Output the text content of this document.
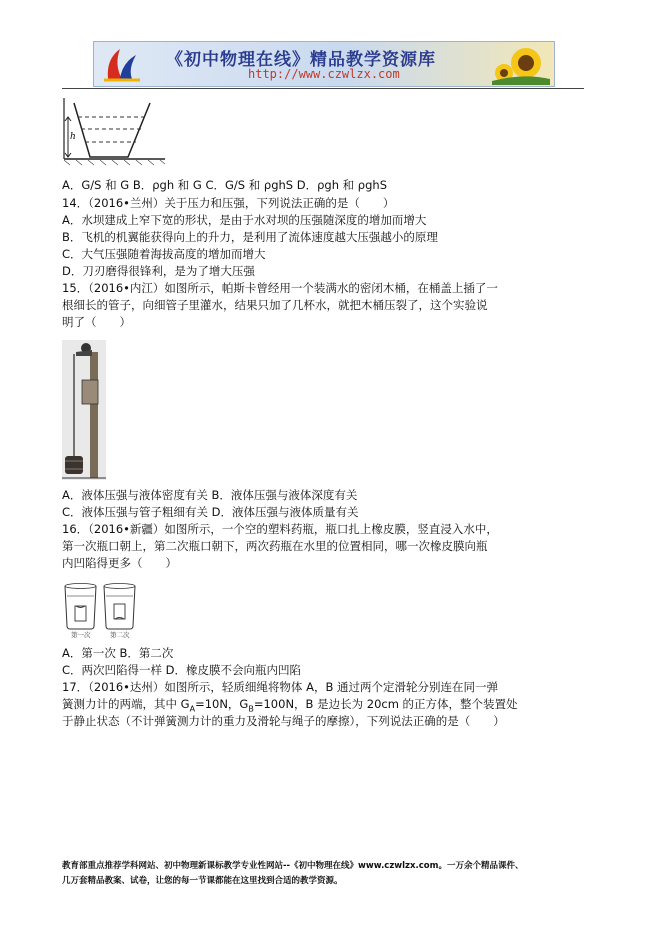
《初中物理在线》精品教学资源库
http://www.czwlzx.com
h
A．G/S 和 G B．ρgh 和 G C．G/S 和 ρghS D．ρgh 和 ρghS
14．（2016•兰州）关于压力和压强，下列说法正确的是（　　）
A．水坝建成上窄下宽的形状，是由于水对坝的压强随深度的增加而增大
B．飞机的机翼能获得向上的升力，是利用了流体速度越大压强越小的原理
C．大气压强随着海拔高度的增加而增大
D．刀刃磨得很锋利，是为了增大压强
15．（2016•内江）如图所示，帕斯卡曾经用一个装满水的密闭木桶，在桶盖上插了一
根细长的管子，向细管子里灌水，结果只加了几杯水，就把木桶压裂了，这个实验说
明了（　　）
A．液体压强与液体密度有关 B．液体压强与液体深度有关
C．液体压强与管子粗细有关 D．液体压强与液体质量有关
16．（2016•新疆）如图所示，一个空的塑料药瓶，瓶口扎上橡皮膜，竖直浸入水中，
第一次瓶口朝上，第二次瓶口朝下，两次药瓶在水里的位置相同，哪一次橡皮膜向瓶
内凹陷得更多（　　）
第一次	第二次
A．第一次 B．第二次
C．两次凹陷得一样 D．橡皮膜不会向瓶内凹陷
17．（2016•达州）如图所示，轻质细绳将物体 A，B 通过两个定滑轮分别连在同一弹
簧测力计的两端，其中 $G_A=10N$，$G_B=100N$，B 是边长为 20cm 的正方体，整个装置处
于静止状态（不计弹簧测力计的重力及滑轮与绳子的摩擦），下列说法正确的是（　　）
教育部重点推荐学科网站、初中物理新课标教学专业性网站--《初中物理在线》www.czwlzx.com。一万余个精品课件、
几万套精品教案、试卷，让您的每一节课都能在这里找到合适的教学资源。
